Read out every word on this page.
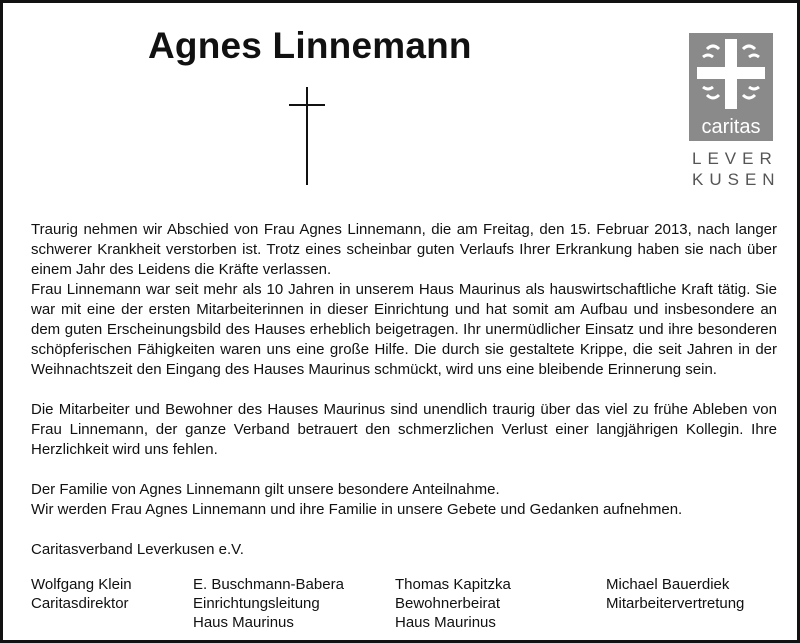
Agnes Linnemann
caritas
LEVER
KUSEN

Traurig nehmen wir Abschied von Frau Agnes Linnemann, die am Freitag, den 15. Februar 2013, nach langer schwerer Krankheit verstorben ist. Trotz eines scheinbar guten Verlaufs Ihrer Erkrankung haben sie nach über einem Jahr des Leidens die Kräfte verlassen.

Frau Linnemann war seit mehr als 10 Jahren in unserem Haus Maurinus als hauswirtschaftliche Kraft tätig. Sie war mit eine der ersten Mitarbeiterinnen in dieser Einrichtung und hat somit am Aufbau und insbesondere an dem guten Erscheinungsbild des Hauses erheblich beigetragen. Ihr unermüdlicher Einsatz und ihre besonderen schöpferischen Fähigkeiten waren uns eine große Hilfe. Die durch sie gestaltete Krippe, die seit Jahren in der Weihnachtszeit den Eingang des Hauses Maurinus schmückt, wird uns eine bleibende Erinnerung sein.

Die Mitarbeiter und Bewohner des Hauses Maurinus sind unendlich traurig über das viel zu frühe Ableben von Frau Linnemann, der ganze Verband betrauert den schmerzlichen Verlust einer langjährigen Kollegin. Ihre Herzlichkeit wird uns fehlen.

Der Familie von Agnes Linnemann gilt unsere besondere Anteilnahme.

Wir werden Frau Agnes Linnemann und ihre Familie in unsere Gebete und Gedanken aufnehmen.

Caritasverband Leverkusen e.V.

Wolfgang Klein
Caritasdirektor
E. Buschmann-Babera
Einrichtungsleitung
Haus Maurinus
Thomas Kapitzka
Bewohnerbeirat
Haus Maurinus
Michael Bauerdiek
Mitarbeitervertretung
